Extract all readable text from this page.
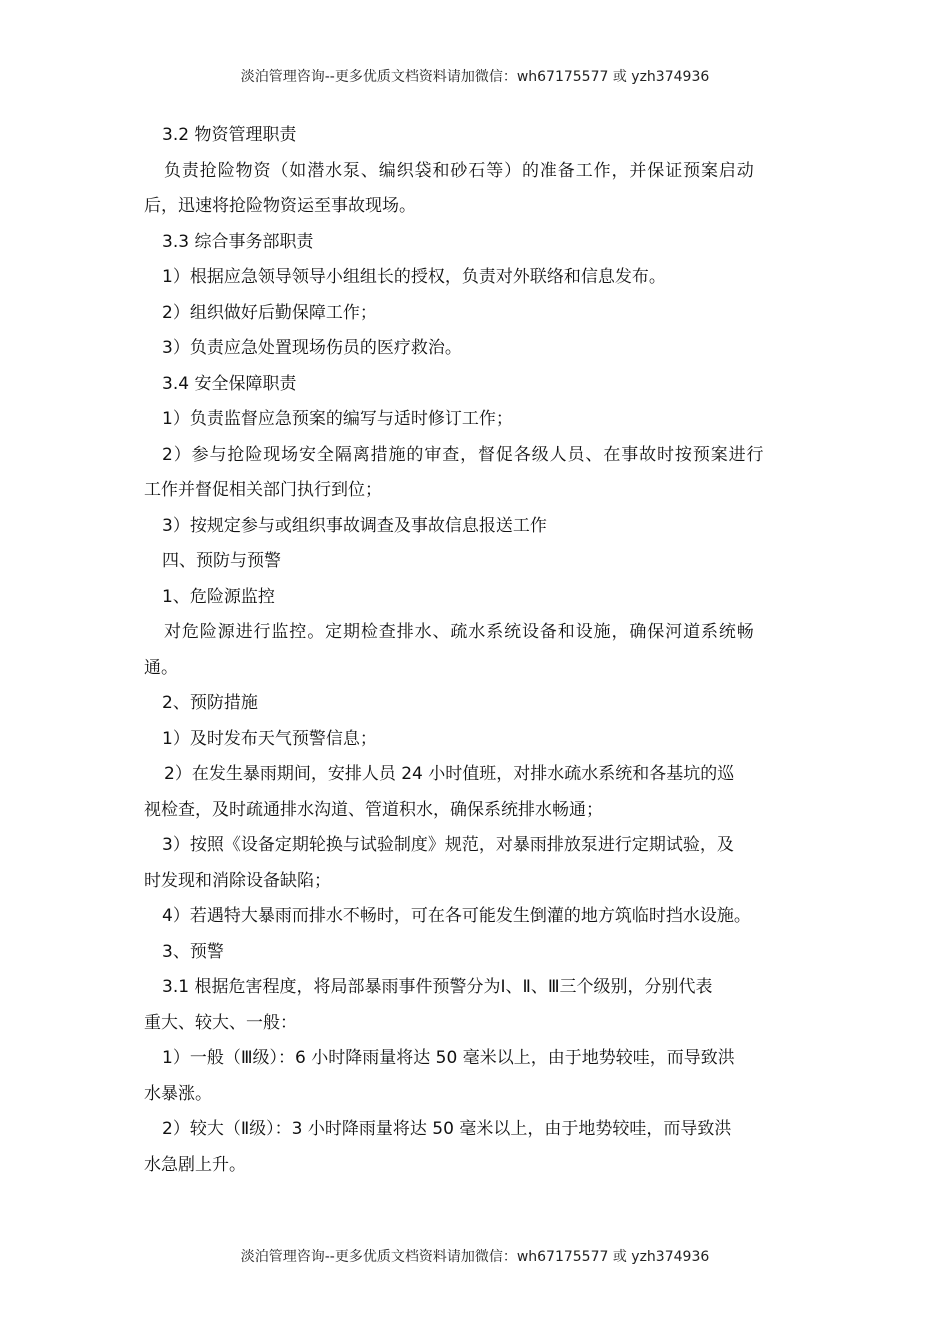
淡泊管理咨询--更多优质文档资料请加微信：wh67175577 或 yzh374936
3.2 物资管理职责
负责抢险物资（如潜水泵、编织袋和砂石等）的准备工作，并保证预案启动
后，迅速将抢险物资运至事故现场。
3.3 综合事务部职责
1）根据应急领导领导小组组长的授权，负责对外联络和信息发布。
2）组织做好后勤保障工作；
3）负责应急处置现场伤员的医疗救治。
3.4 安全保障职责
1）负责监督应急预案的编写与适时修订工作；
2）参与抢险现场安全隔离措施的审查，督促各级人员、在事故时按预案进行
工作并督促相关部门执行到位；
3）按规定参与或组织事故调查及事故信息报送工作
四、预防与预警
1、危险源监控
对危险源进行监控。定期检查排水、疏水系统设备和设施，确保河道系统畅
通。
2、预防措施
1）及时发布天气预警信息；
2）在发生暴雨期间，安排人员 24 小时值班，对排水疏水系统和各基坑的巡
视检查，及时疏通排水沟道、管道积水，确保系统排水畅通；
3）按照《设备定期轮换与试验制度》规范，对暴雨排放泵进行定期试验，及
时发现和消除设备缺陷；
4）若遇特大暴雨而排水不畅时，可在各可能发生倒灌的地方筑临时挡水设施。
3、预警
3.1 根据危害程度，将局部暴雨事件预警分为Ⅰ、Ⅱ、Ⅲ三个级别，分别代表
重大、较大、一般：
1）一般（Ⅲ级）：6 小时降雨量将达 50 毫米以上，由于地势较哇，而导致洪
水暴涨。
2）较大（Ⅱ级）：3 小时降雨量将达 50 毫米以上，由于地势较哇，而导致洪
水急剧上升。
淡泊管理咨询--更多优质文档资料请加微信：wh67175577 或 yzh374936
